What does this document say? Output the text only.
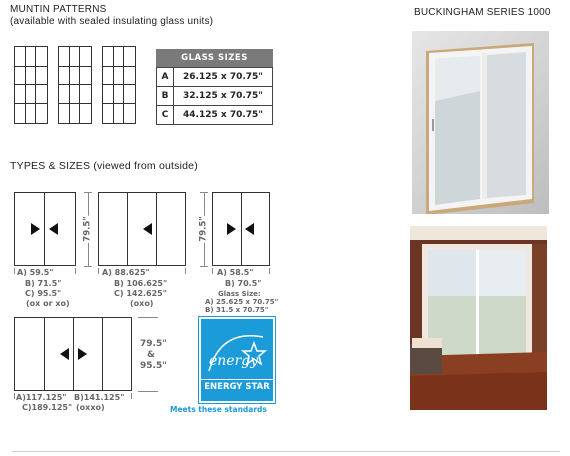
MUNTIN PATTERNS
(available with sealed insulating glass units)
BUCKINGHAM SERIES 1000
GLASS SIZES
A	26.125 x 70.75"
B	32.125 x 70.75"
C	44.125 x 70.75"
TYPES & SIZES (viewed from outside)
79.5"
A) 59.5"
B) 71.5"
C) 95.5"
(ox or xo)
A) 88.625"
B) 106.625"
C) 142.625"
(oxo)
79.5"
A) 58.5"
B) 70.5"
Glass Size:
A) 25.625 x 70.75"
B) 31.5 x 70.75"
A)117.125" B)141.125"
C)189.125" (oxxo)
79.5"
&
95.5"	energy
ENERGY STAR
Meets these standards
